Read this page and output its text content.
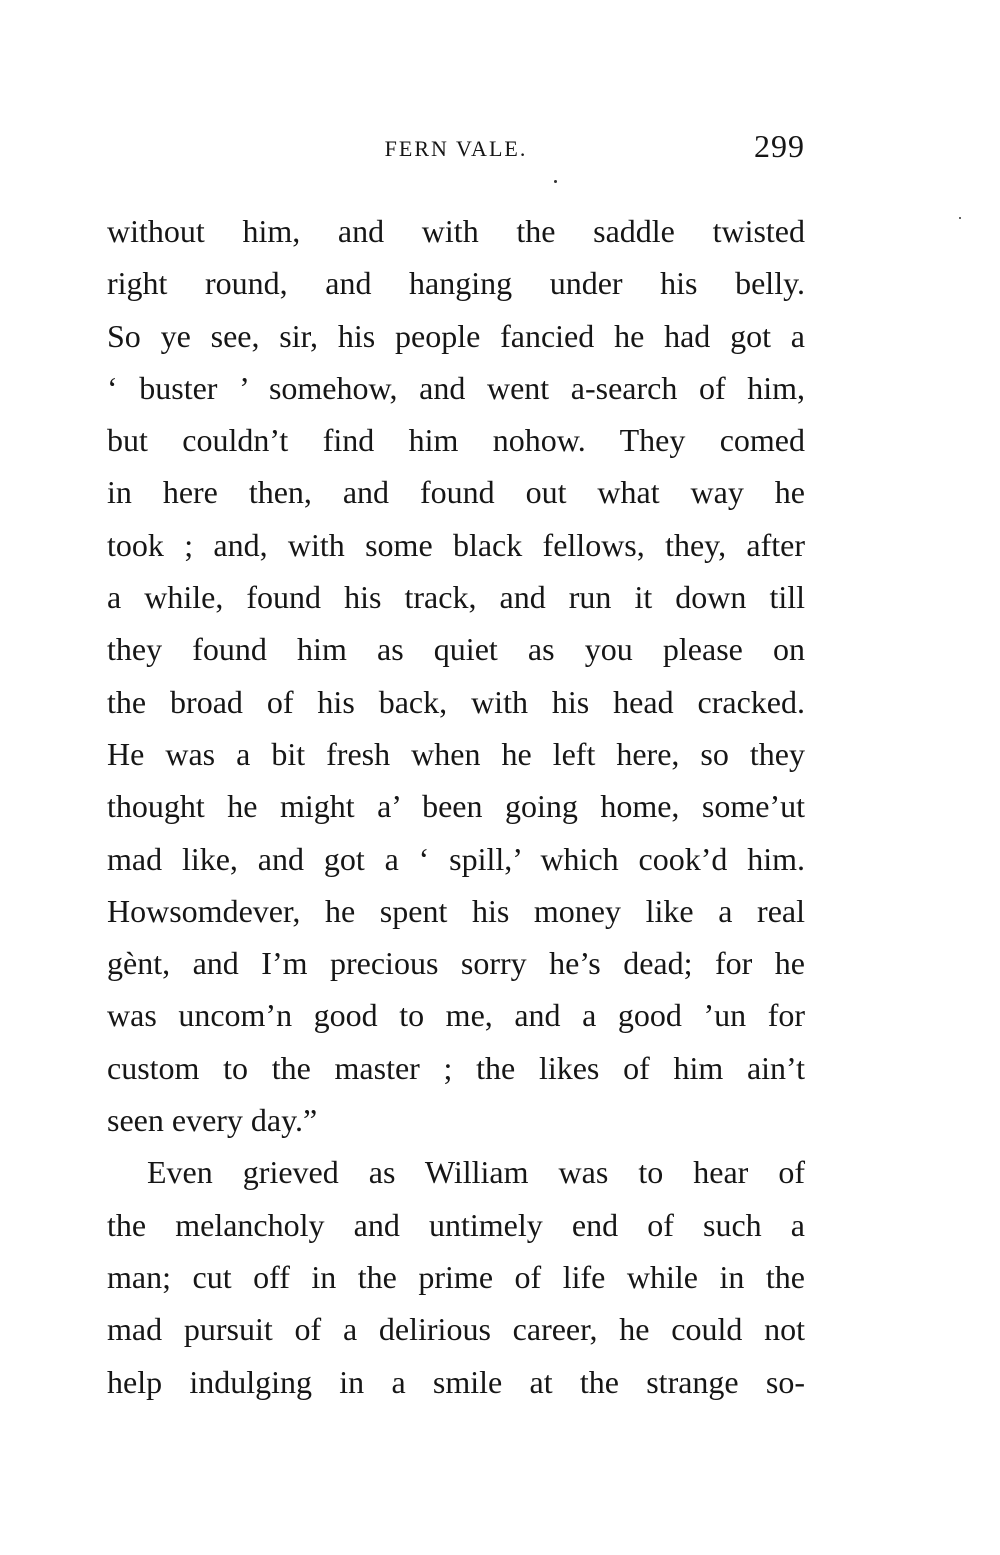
FERN VALE.	299
without him, and with the saddle twisted
right round, and hanging under his belly.
So ye see, sir, his people fancied he had got a
‘ buster ’ somehow, and went a-search of him,
but couldn’t find him nohow. They comed
in here then, and found out what way he
took ; and, with some black fellows, they, after
a while, found his track, and run it down till
they found him as quiet as you please on
the broad of his back, with his head cracked.
He was a bit fresh when he left here, so they
thought he might a’ been going home, some’ut
mad like, and got a ‘ spill,’ which cook’d him.
Howsomdever, he spent his money like a real
gènt, and I’m precious sorry he’s dead; for he
was uncom’n good to me, and a good ’un for
custom to the master ; the likes of him ain’t
seen every day.”
Even grieved as William was to hear of
the melancholy and untimely end of such a
man; cut off in the prime of life while in the
mad pursuit of a delirious career, he could not
help indulging in a smile at the strange so-
